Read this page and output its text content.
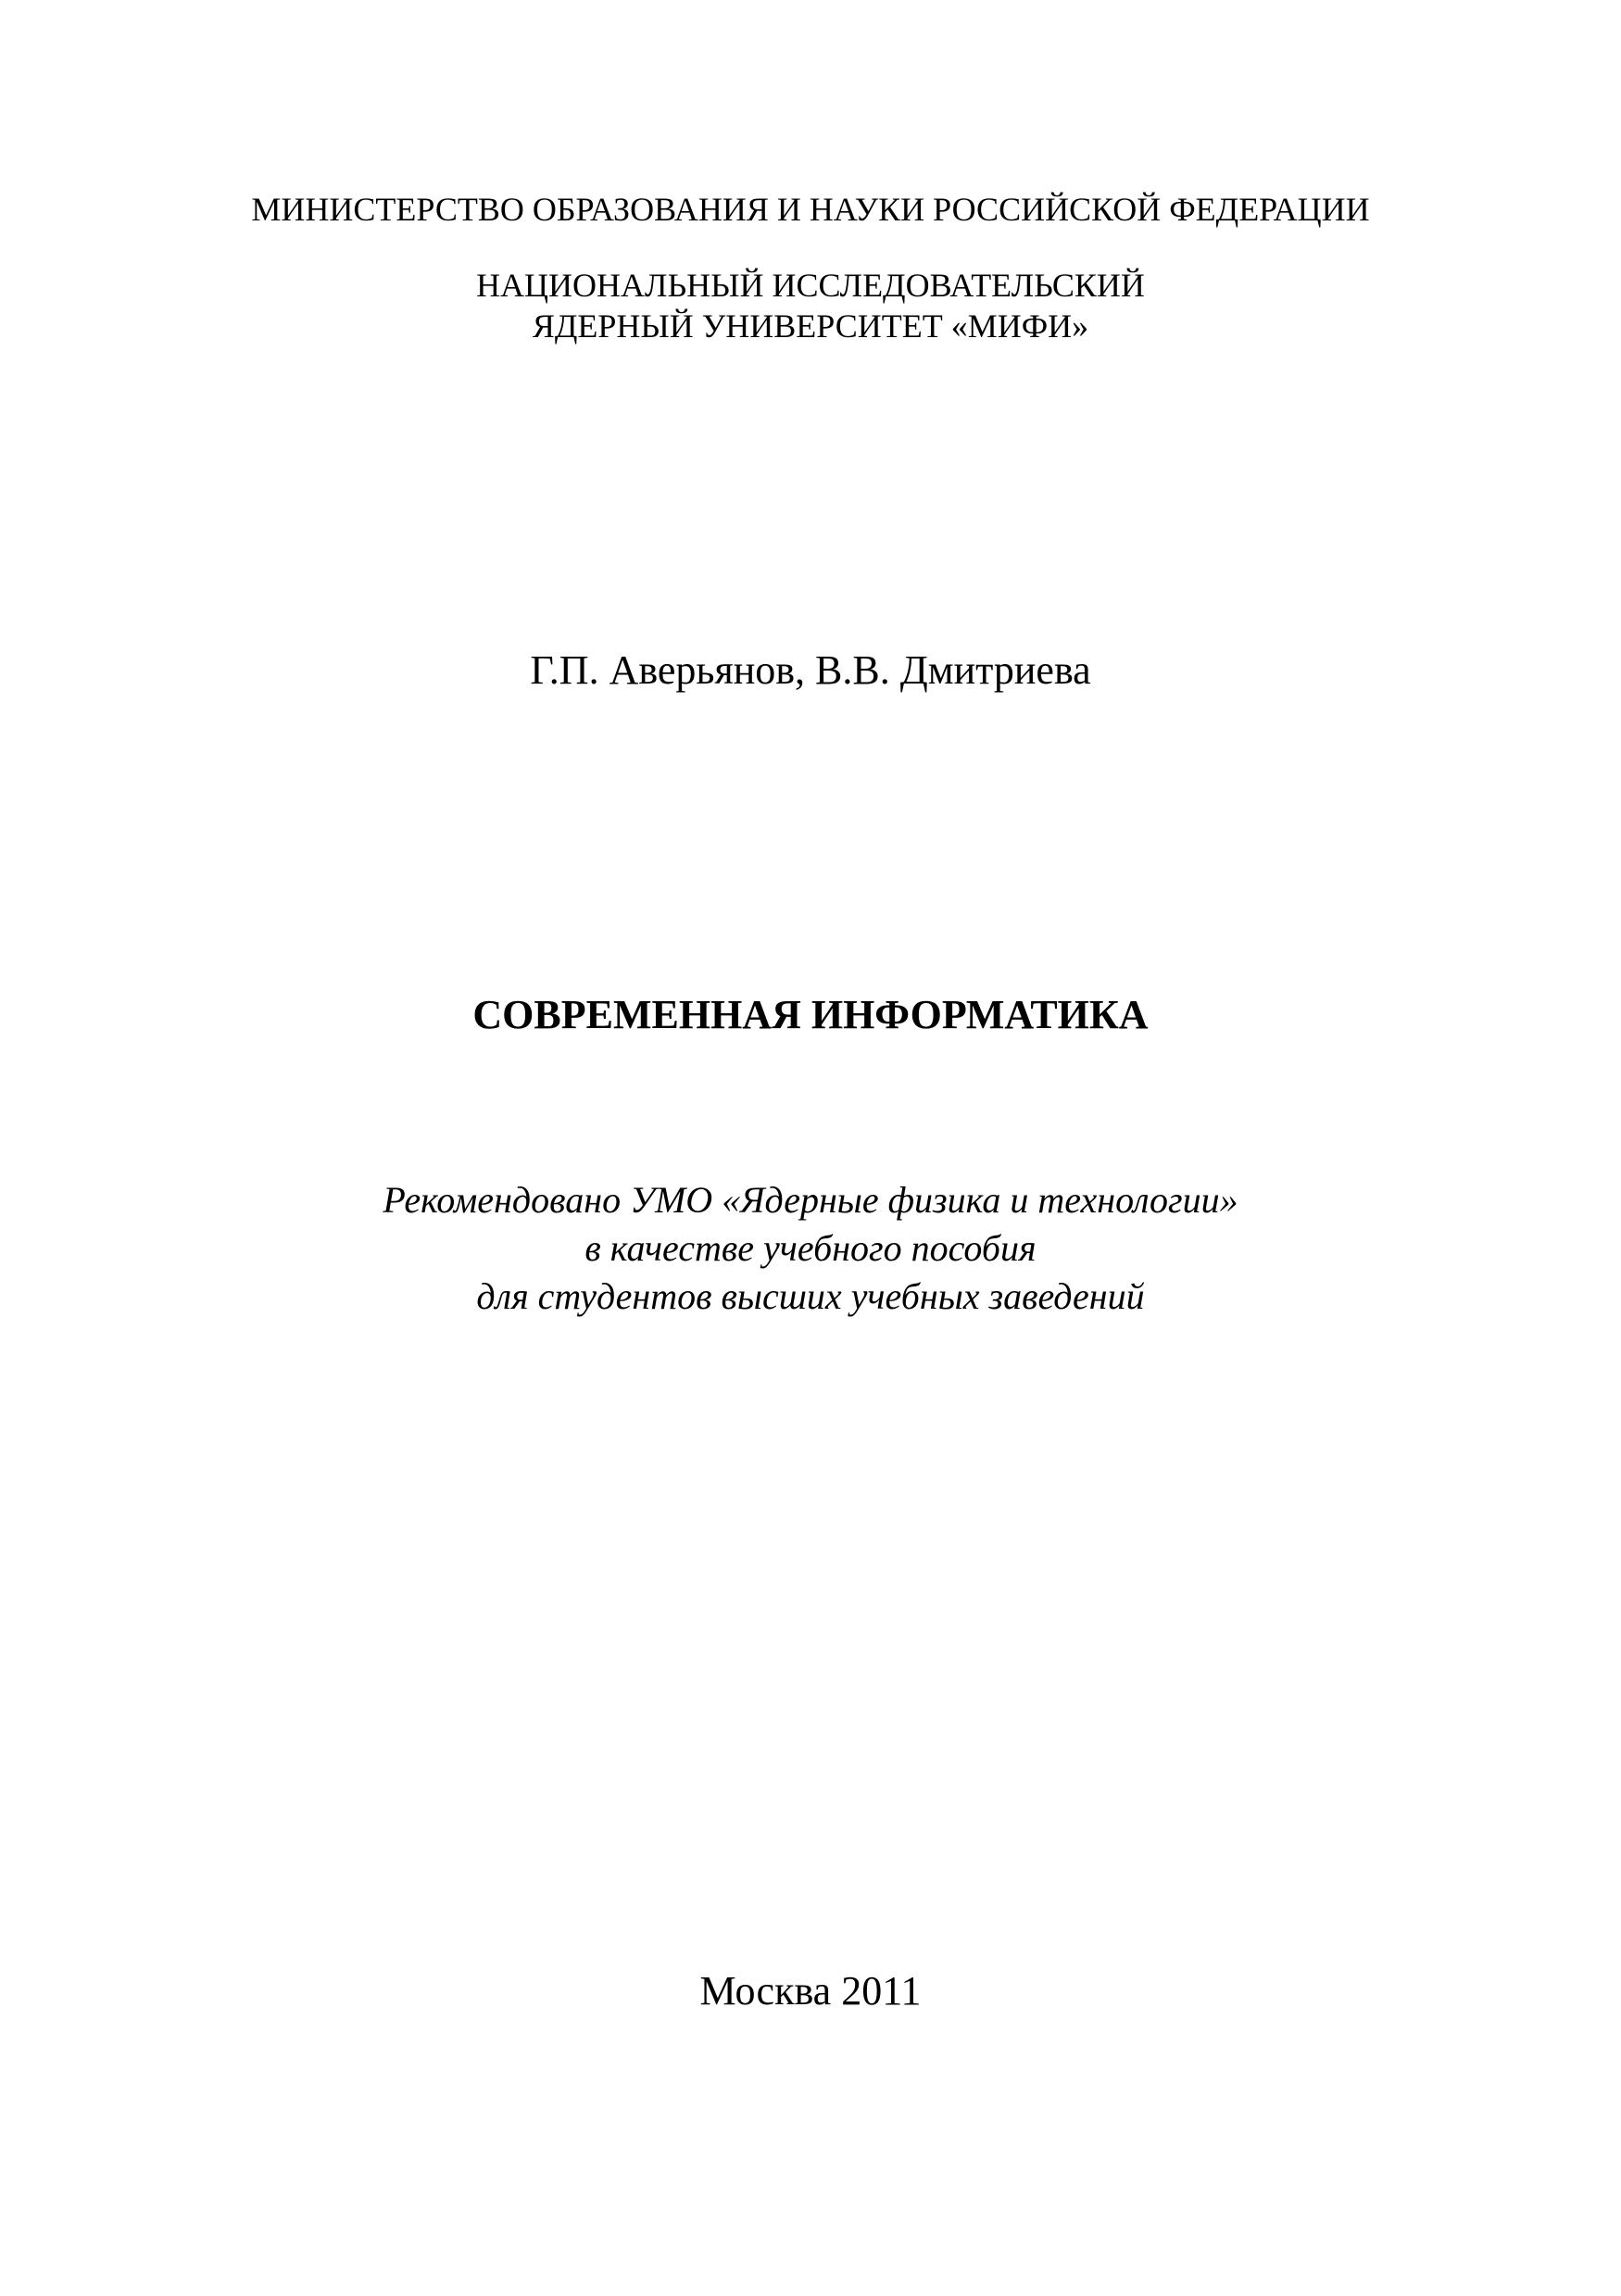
МИНИСТЕРСТВО ОБРАЗОВАНИЯ И НАУКИ РОССИЙСКОЙ ФЕДЕРАЦИИ
НАЦИОНАЛЬНЫЙ ИССЛЕДОВАТЕЛЬСКИЙ
ЯДЕРНЫЙ УНИВЕРСИТЕТ «МИФИ»
Г.П. Аверьянов, В.В. Дмитриева
СОВРЕМЕННАЯ ИНФОРМАТИКА
Рекомендовано УМО «Ядерные физика и технологии»
в качестве учебного пособия
для студентов высших учебных заведений
Москва 2011
